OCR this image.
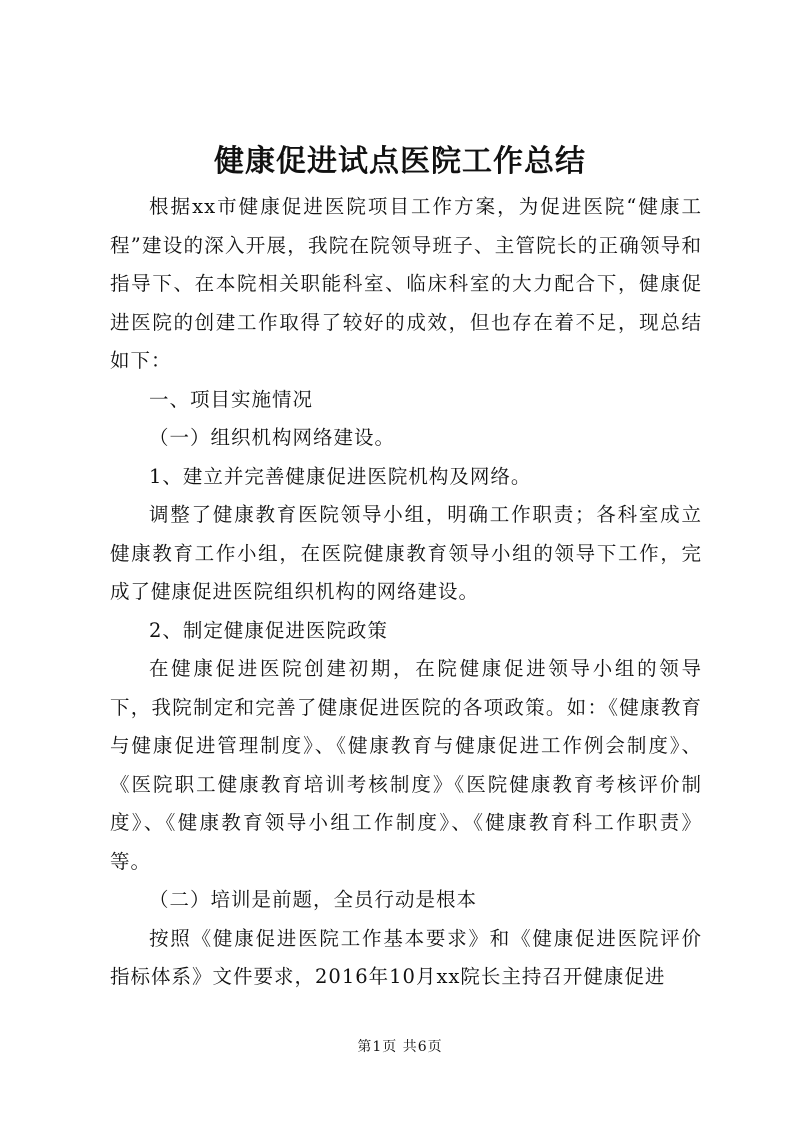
健康促进试点医院工作总结

根据xx市健康促进医院项目工作方案，为促进医院“健康工程”建设的深入开展，我院在院领导班子、主管院长的正确领导和指导下、在本院相关职能科室、临床科室的大力配合下，健康促进医院的创建工作取得了较好的成效，但也存在着不足，现总结如下：

一、项目实施情况

（一）组织机构网络建设。

1、建立并完善健康促进医院机构及网络。

调整了健康教育医院领导小组，明确工作职责；各科室成立健康教育工作小组，在医院健康教育领导小组的领导下工作，完成了健康促进医院组织机构的网络建设。

2、制定健康促进医院政策

在健康促进医院创建初期，在院健康促进领导小组的领导下，我院制定和完善了健康促进医院的各项政策。如：《健康教育与健康促进管理制度》、《健康教育与健康促进工作例会制度》、《医院职工健康教育培训考核制度》《医院健康教育考核评价制度》、《健康教育领导小组工作制度》、《健康教育科工作职责》等。

（二）培训是前题，全员行动是根本

按照《健康促进医院工作基本要求》和《健康促进医院评价指标体系》文件要求，2016年10月xx院长主持召开健康促进

第1页 共6页
